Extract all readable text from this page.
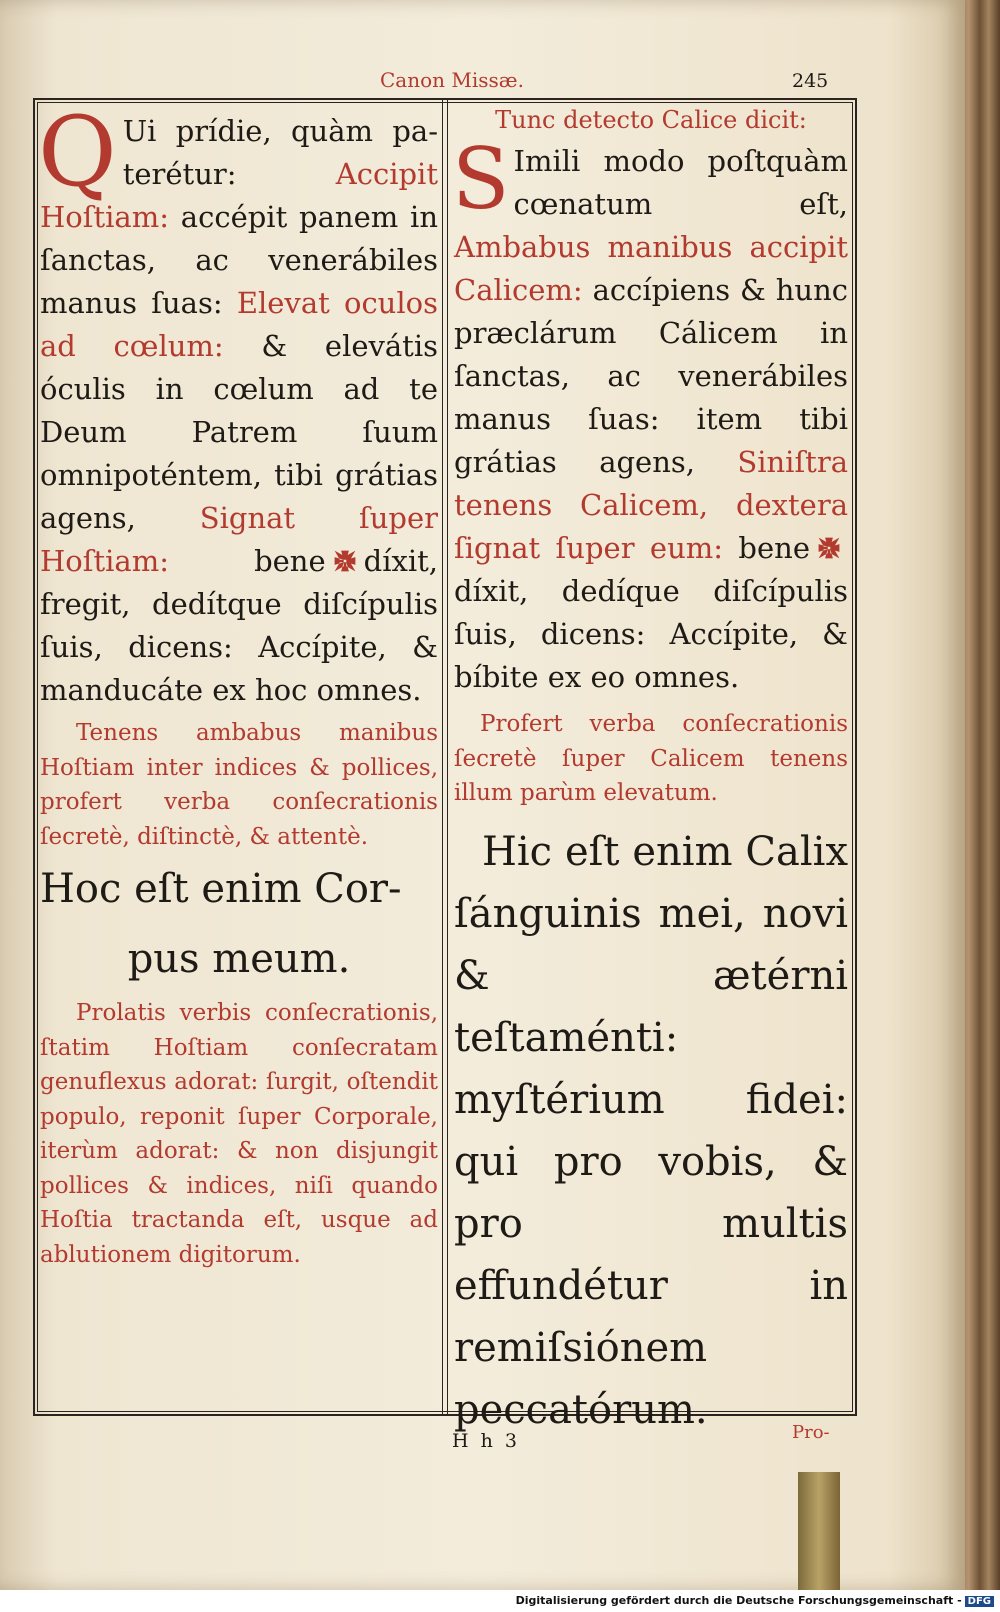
Canon Missæ.	245

Q Ui prídie, quàm pa-terétur: Accipit Hoſtiam: accépit panem in ſanctas, ac venerábiles manus ſuas: Elevat oculos ad cœlum: & elevátis óculis in cœlum ad te Deum Patrem ſuum omnipoténtem, tibi grátias agens, Signat ſuper Hoſtiam: bene díxit, fregit, dedítque diſcípulis ſuis, dicens: Accípite, & manducáte ex hoc omnes.

Tenens ambabus manibus Hoſtiam inter indices & pollices, profert verba conſecrationis ſecretè, diſtinctè, & attentè.

Hoc eſt enim Cor-

pus meum.

Prolatis verbis conſecrationis, ſtatim Hoſtiam conſecratam genuflexus adorat: ſurgit, oſtendit populo, reponit ſuper Corporale, iterùm adorat: & non disjungit pollices & indices, niſi quando Hoſtia tractanda eſt, usque ad ablutionem digitorum.

Tunc detecto Calice dicit:

S Imili modo poſtquàm cœnatum eſt, Ambabus manibus accipit Calicem: accípiens & hunc præclárum Cálicem in ſanctas, ac venerábiles manus ſuas: item tibi grátias agens, Siniſtra tenens Calicem, dextera ſignat ſuper eum: benedíxit, dedíque diſcípulis ſuis, dicens: Accípite, & bíbite ex eo omnes.

Profert verba conſecrationis ſecretè ſuper Calicem tenens illum parùm elevatum.

Hic eſt enim Calix ſánguinis mei, novi & ætérni teſtaménti: myſtérium fidei: qui pro vobis, & pro multis effundétur in remiſsiónem peccatórum.

H h 3	Pro-
Digitalisierung gefördert durch die Deutsche Forschungsgemeinschaft - DFG
